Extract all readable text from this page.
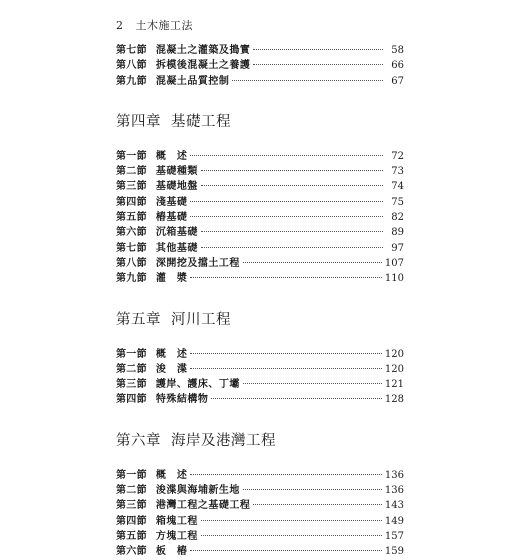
2 土木施工法
第七節 混凝土之灌築及搗實	58
第八節 拆模後混凝土之養護	66
第九節 混凝土品質控制	67
第四章 基礎工程
第一節 概　述	72
第二節 基礎種類	73
第三節 基礎地盤	74
第四節 淺基礎	75
第五節 樁基礎	82
第六節 沉箱基礎	89
第七節 其他基礎	97
第八節 深開挖及擋土工程	107
第九節 灌　漿	110
第五章 河川工程
第一節 概　述	120
第二節 浚　渫	120
第三節 護岸、護床、丁壩	121
第四節 特殊結構物	128
第六章 海岸及港灣工程
第一節 概　述	136
第二節 浚渫與海埔新生地	136
第三節 港灣工程之基礎工程	143
第四節 箱塊工程	149
第五節 方塊工程	157
第六節 板　樁	159
